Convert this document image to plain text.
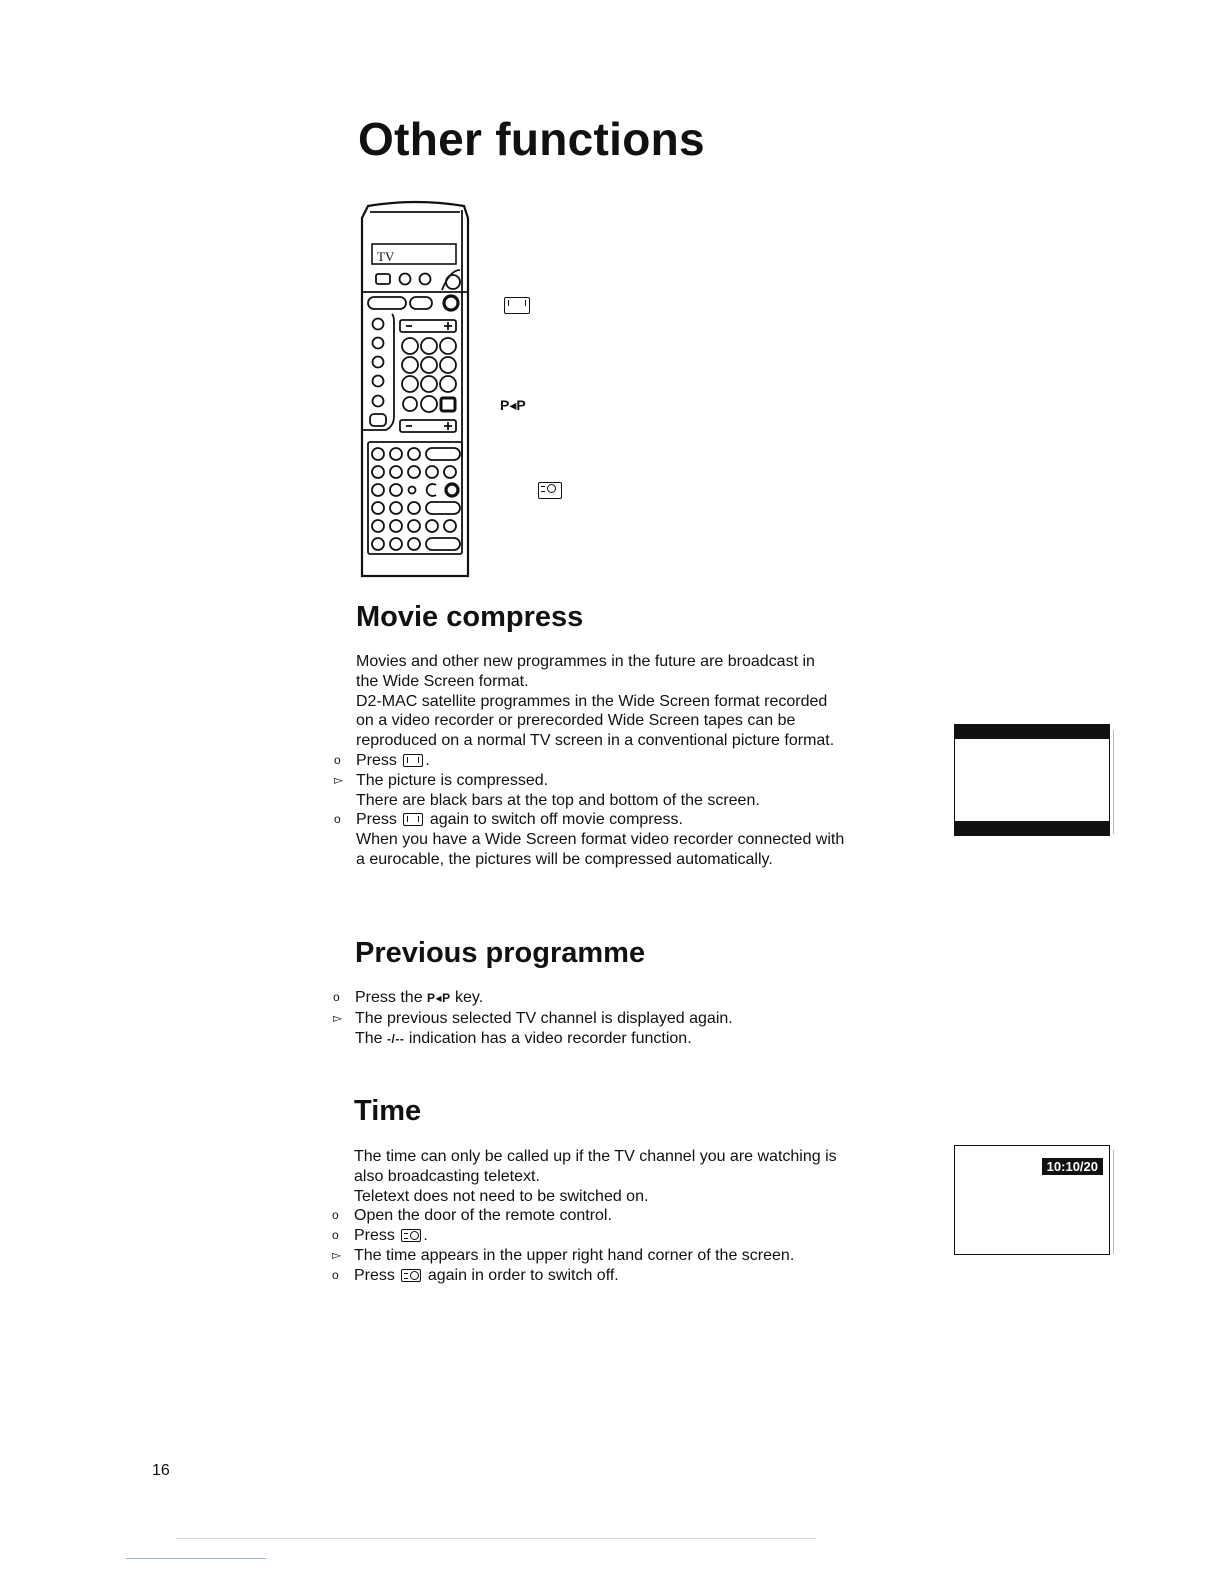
Other functions
TV

P◂P
Movie compress
Movies and other new programmes in the future are broadcast in
the Wide Screen format.
D2-MAC satellite programmes in the Wide Screen format recorded
on a video recorder or prerecorded Wide Screen tapes can be
reproduced on a normal TV screen in a conventional picture format.
o Press .
▻ The picture is compressed.
There are black bars at the top and bottom of the screen.
o Press again to switch off movie compress.
When you have a Wide Screen format video recorder connected with
a eurocable, the pictures will be compressed automatically.
Previous programme
o Press the P◂P key.
▻ The previous selected TV channel is displayed again.
The -/-- indication has a video recorder function.
Time
The time can only be called up if the TV channel you are watching is
also broadcasting teletext.
Teletext does not need to be switched on.
o Open the door of the remote control.
o Press .
▻ The time appears in the upper right hand corner of the screen.
o Press again in order to switch off.
10:10/20
16
